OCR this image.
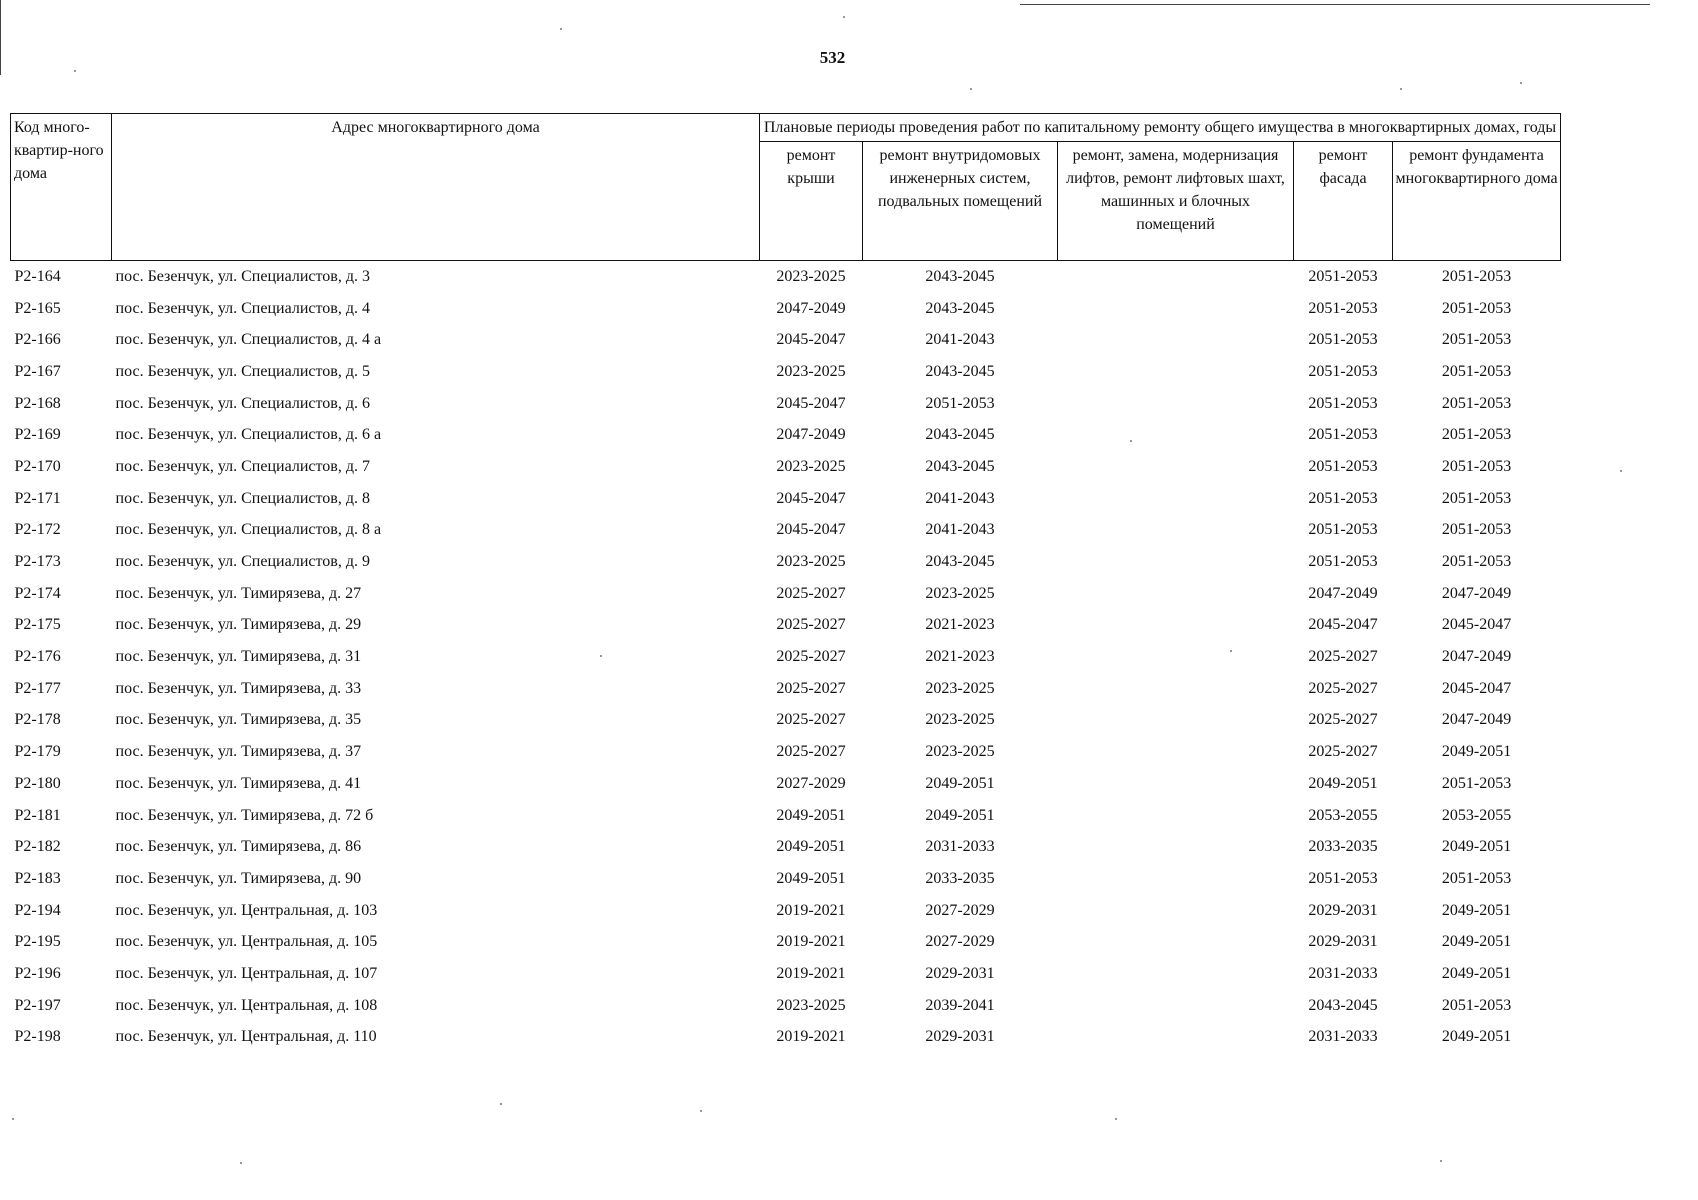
532
Код много-квартир-ного дома	Адрес многоквартирного дома	Плановые периоды проведения работ по капитальному ремонту общего имущества в многоквартирных домах, годы				
		ремонт крыши	ремонт внутридомовых инженерных систем, подвальных помещений	ремонт, замена, модернизация лифтов, ремонт лифтовых шахт, машинных и блочных помещений	ремонт фасада	ремонт фундамента многоквартирного дома
Р2-164	пос. Безенчук, ул. Специалистов, д. 3	2023-2025	2043-2045		2051-2053	2051-2053
Р2-165	пос. Безенчук, ул. Специалистов, д. 4	2047-2049	2043-2045		2051-2053	2051-2053
Р2-166	пос. Безенчук, ул. Специалистов, д. 4 а	2045-2047	2041-2043		2051-2053	2051-2053
Р2-167	пос. Безенчук, ул. Специалистов, д. 5	2023-2025	2043-2045		2051-2053	2051-2053
Р2-168	пос. Безенчук, ул. Специалистов, д. 6	2045-2047	2051-2053		2051-2053	2051-2053
Р2-169	пос. Безенчук, ул. Специалистов, д. 6 а	2047-2049	2043-2045		2051-2053	2051-2053
Р2-170	пос. Безенчук, ул. Специалистов, д. 7	2023-2025	2043-2045		2051-2053	2051-2053
Р2-171	пос. Безенчук, ул. Специалистов, д. 8	2045-2047	2041-2043		2051-2053	2051-2053
Р2-172	пос. Безенчук, ул. Специалистов, д. 8 а	2045-2047	2041-2043		2051-2053	2051-2053
Р2-173	пос. Безенчук, ул. Специалистов, д. 9	2023-2025	2043-2045		2051-2053	2051-2053
Р2-174	пос. Безенчук, ул. Тимирязева, д. 27	2025-2027	2023-2025		2047-2049	2047-2049
Р2-175	пос. Безенчук, ул. Тимирязева, д. 29	2025-2027	2021-2023		2045-2047	2045-2047
Р2-176	пос. Безенчук, ул. Тимирязева, д. 31	2025-2027	2021-2023		2025-2027	2047-2049
Р2-177	пос. Безенчук, ул. Тимирязева, д. 33	2025-2027	2023-2025		2025-2027	2045-2047
Р2-178	пос. Безенчук, ул. Тимирязева, д. 35	2025-2027	2023-2025		2025-2027	2047-2049
Р2-179	пос. Безенчук, ул. Тимирязева, д. 37	2025-2027	2023-2025		2025-2027	2049-2051
Р2-180	пос. Безенчук, ул. Тимирязева, д. 41	2027-2029	2049-2051		2049-2051	2051-2053
Р2-181	пос. Безенчук, ул. Тимирязева, д. 72 б	2049-2051	2049-2051		2053-2055	2053-2055
Р2-182	пос. Безенчук, ул. Тимирязева, д. 86	2049-2051	2031-2033		2033-2035	2049-2051
Р2-183	пос. Безенчук, ул. Тимирязева, д. 90	2049-2051	2033-2035		2051-2053	2051-2053
Р2-194	пос. Безенчук, ул. Центральная, д. 103	2019-2021	2027-2029		2029-2031	2049-2051
Р2-195	пос. Безенчук, ул. Центральная, д. 105	2019-2021	2027-2029		2029-2031	2049-2051
Р2-196	пос. Безенчук, ул. Центральная, д. 107	2019-2021	2029-2031		2031-2033	2049-2051
Р2-197	пос. Безенчук, ул. Центральная, д. 108	2023-2025	2039-2041		2043-2045	2051-2053
Р2-198	пос. Безенчук, ул. Центральная, д. 110	2019-2021	2029-2031		2031-2033	2049-2051
